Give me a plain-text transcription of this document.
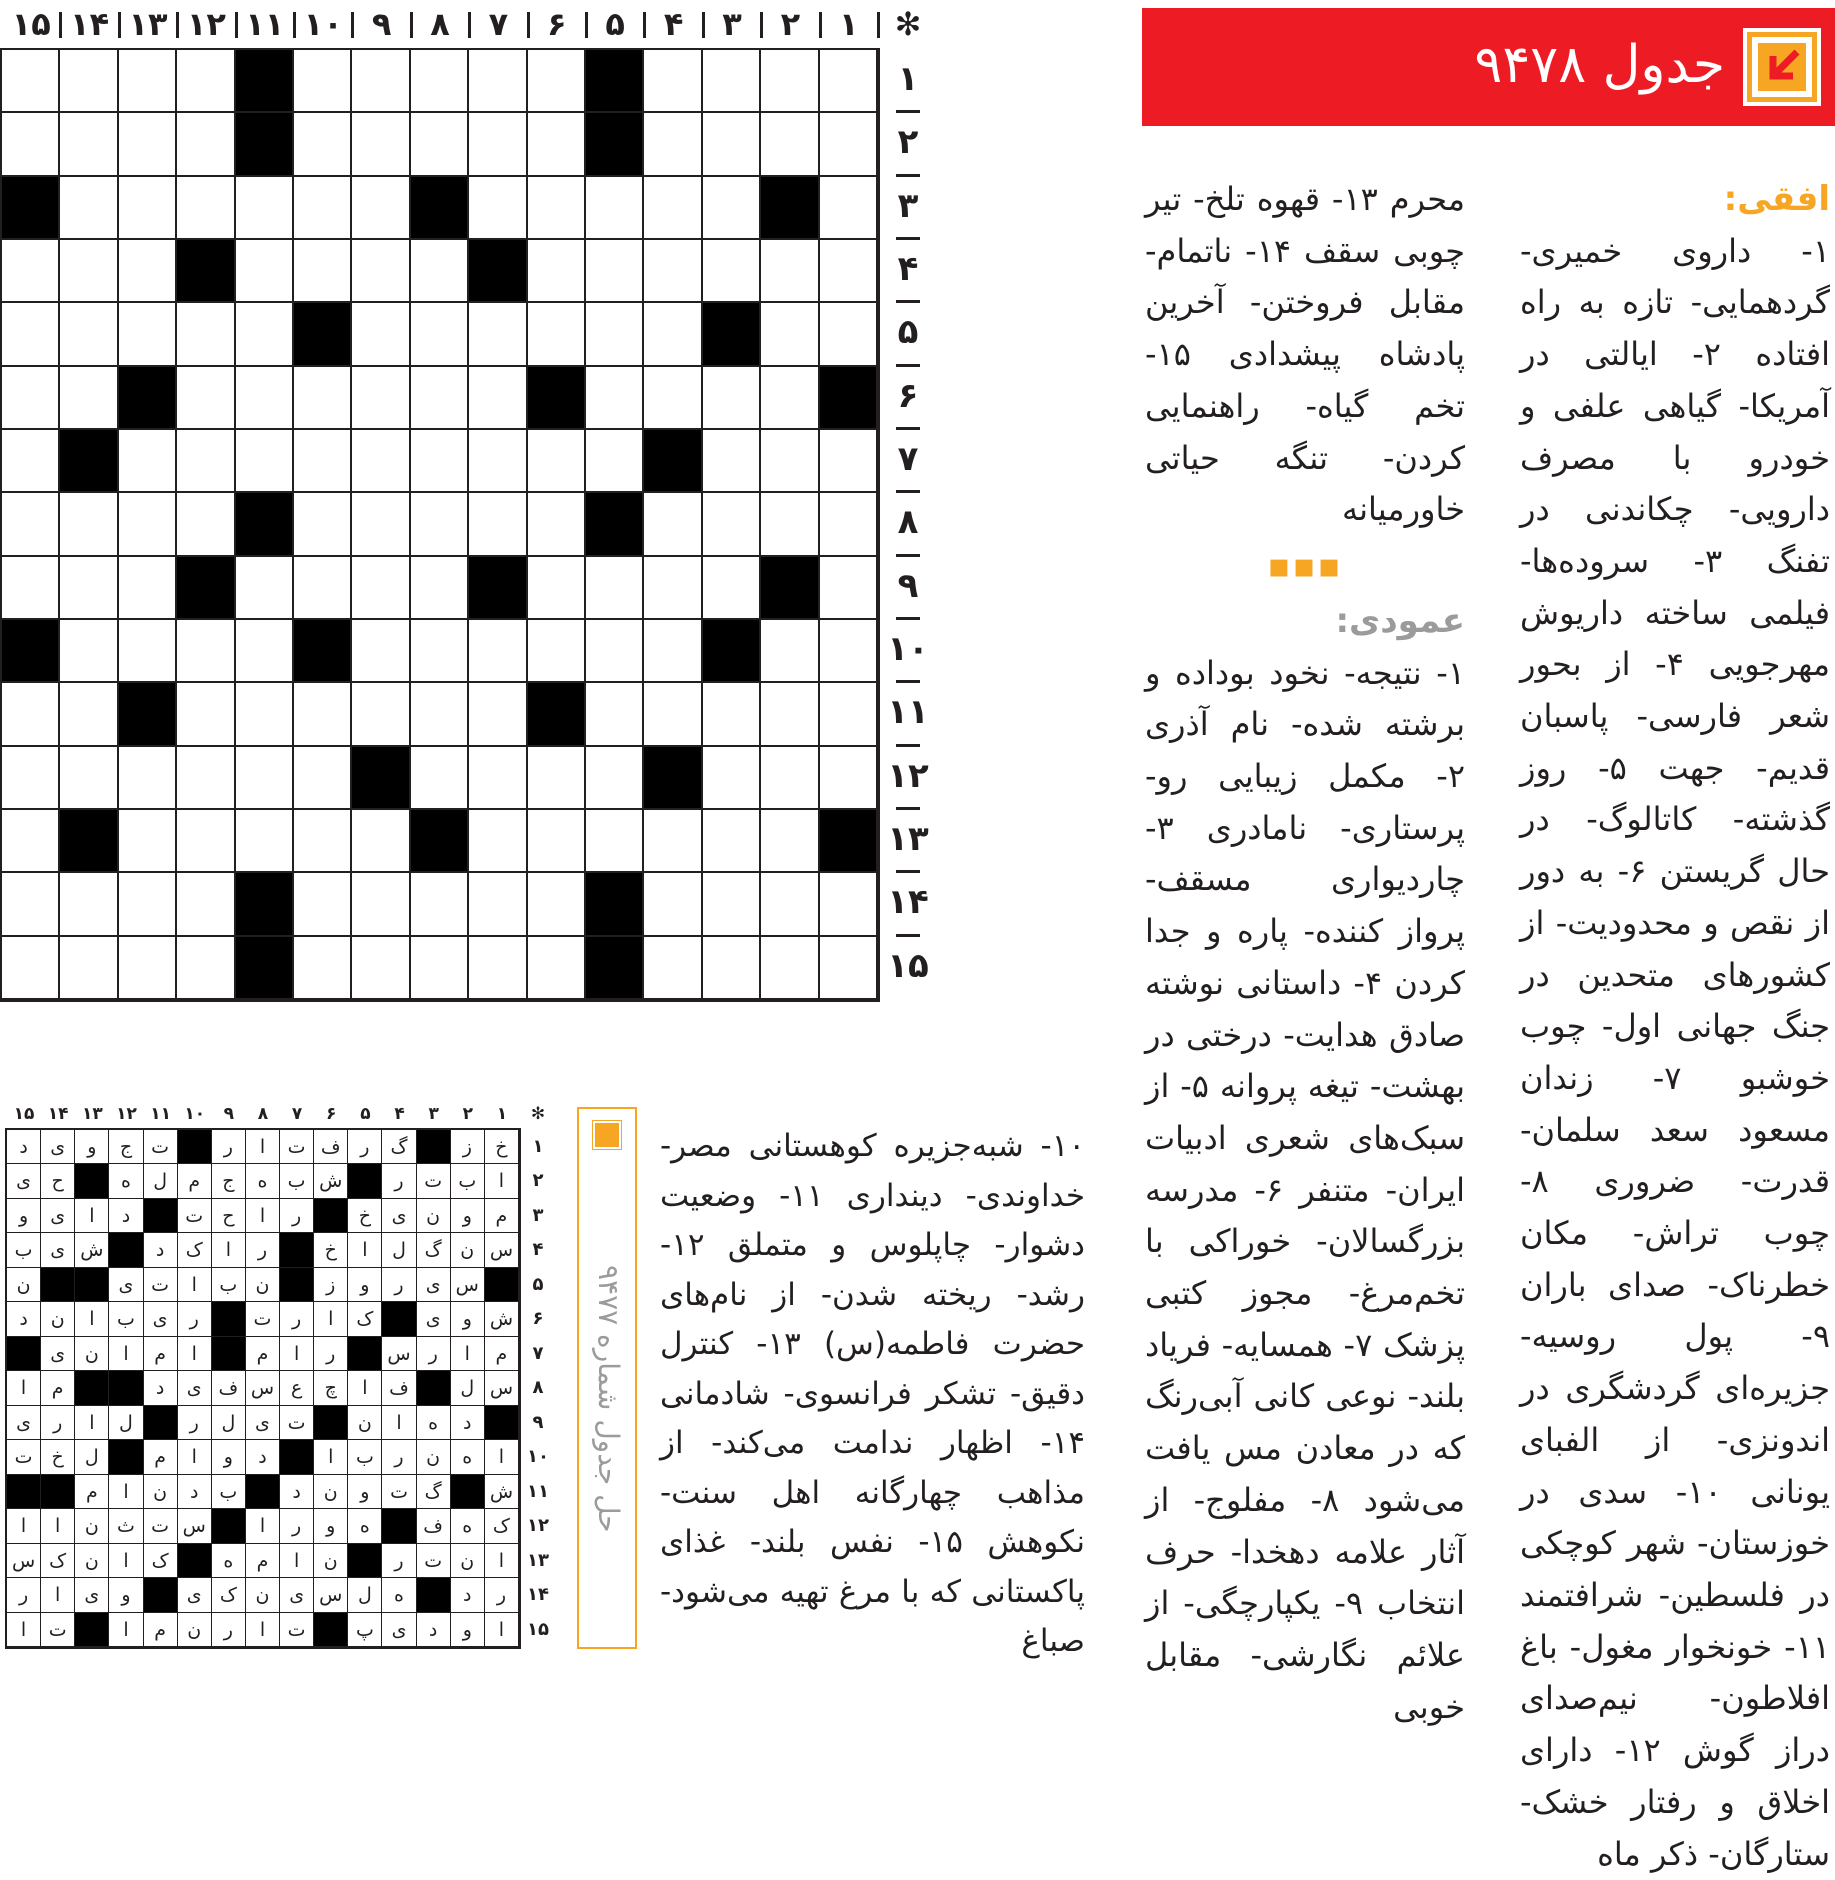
✻
۱
۲
۳
۴
۵
۶
۷
۸
۹
۱۰
۱۱
۱۲
۱۳
۱۴
۱۵
۱
۲
۳
۴
۵
۶
۷
۸
۹
۱۰
۱۱
۱۲
۱۳
۱۴
۱۵
جدول ۹۴۷۸
افقی:
۱- داروی خمیری- گردهمایی- تازه به راه افتاده ۲- ایالتی در آمریکا- گیاهی علفی و خودرو با مصرف دارویی- چکاندنی در تفنگ ۳- سروده‌ها- فیلمی ساخته داریوش مهرجویی ۴- از بحور شعر فارسی- پاسبان قدیم- جهت ۵- روز گذشته- کاتالوگ- در حال گریستن ۶- به دور از نقص و محدودیت- از کشورهای متحدین در جنگ جهانی اول- چوب خوشبو ۷- زندان مسعود سعد سلمان- قدرت- ضروری ۸- چوب تراش- مکان خطرناک- صدای باران ۹- پول روسیه- جزیره‌ای گردشگری در اندونزی- از الفبای یونانی ۱۰- سدی در خوزستان- شهر کوچکی در فلسطین- شرافتمند ۱۱- خونخوار مغول- باغ افلاطون- نیم‌صدای دراز گوش ۱۲- دارای اخلاق و رفتار خشک- ستارگان- ذکر ماه
محرم ۱۳- قهوه تلخ- تیر چوبی سقف ۱۴- ناتمام- مقابل فروختن- آخرین پادشاه پیشدادی ۱۵- تخم گیاه- راهنمایی کردن- تنگه حیاتی خاورمیانه
▪▪▪
عمودی:
۱- نتیجه- نخود بوداده و برشته شده- نام آذری ۲- مکمل زیبایی رو- پرستاری- نامادری ۳- چاردیواری مسقف- پرواز کننده- پاره و جدا کردن ۴- داستانی نوشته صادق هدایت- درختی در بهشت- تیغه پروانه ۵- از سبک‌های شعری ادبیات ایران- متنفر ۶- مدرسه بزرگسالان- خوراکی با تخم‌مرغ- مجوز کتبی پزشک ۷- همسایه- فریاد بلند- نوعی کانی آبی‌رنگ که در معادن مس یافت می‌شود ۸- مفلوج- از آثار علامه دهخدا- حرف انتخاب ۹- یکپارچگی- از علائم نگارشی- مقابل خوبی
✻
۱
۲
۳
۴
۵
۶
۷
۸
۹
۱۰
۱۱
۱۲
۱۳
۱۴
۱۵
خ
ز
گ
ر
ف
ت
ا
ر
ت
ج
و
ی
د
ا
ب
ت
ر
ش
ب
ه
ج
م
ل
ه
ح
ی
م
و
ن
ی
خ
ر
ا
ح
ت
د
ا
ی
و
س
ن
گ
ل
ا
خ
ر
ا
ک
د
ش
ی
ب
س
ی
ر
و
ز
ن
ب
ا
ت
ی
ن
ش
و
ی
ک
ا
ر
ت
ر
ی
ب
ا
ن
د
م
ا
ر
س
ر
ا
م
ا
م
ا
ن
ی
س
ل
ف
ا
چ
ع
س
ف
ی
د
م
ا
د
ه
ا
ن
ت
ی
ل
ر
ل
ا
ر
ی
ا
ه
ن
ر
ب
ا
د
و
ا
م
ل
خ
ت
ش
گ
ت
و
ن
د
ب
د
ن
ا
م
ک
ه
ف
ه
و
ر
ا
س
ت
ث
ن
ا
ا
ا
ن
ت
ر
ن
ا
م
ه
ک
ا
ن
ک
س
ر
د
ه
ل
س
ی
ن
ک
ی
و
ی
ا
ر
ا
و
د
ی
پ
ت
ا
ر
ن
م
ا
ت
ا
۱
۲
۳
۴
۵
۶
۷
۸
۹
۱۰
۱۱
۱۲
۱۳
۱۴
۱۵
حل جدول شماره ۹۴۷۷
۱۰- شبه‌جزیره کوهستانی مصر- خداوندی- دینداری ۱۱- وضعیت دشوار- چاپلوس و متملق ۱۲- رشد- ریخته شدن- از نام‌های حضرت فاطمه(س) ۱۳- کنترل دقیق- تشکر فرانسوی- شادمانی ۱۴- اظهار ندامت می‌کند- از مذاهب چهارگانه اهل سنت- نکوهش ۱۵- نفس بلند- غذای پاکستانی که با مرغ تهیه می‌شود- صباغ
